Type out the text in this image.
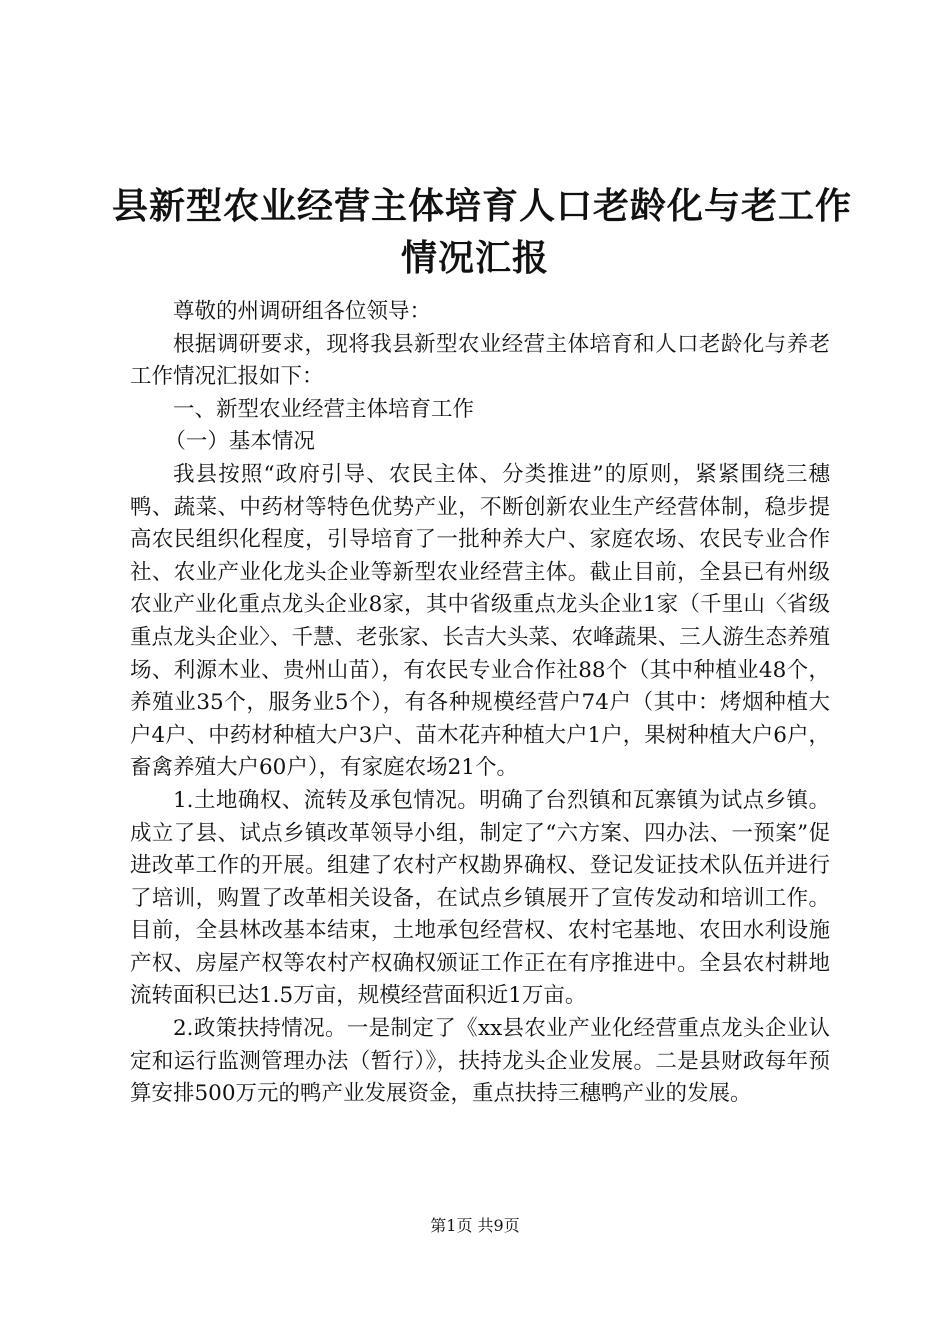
县新型农业经营主体培育人口老龄化与老工作
情况汇报

尊敬的州调研组各位领导：

根据调研要求，现将我县新型农业经营主体培育和人口老龄化与养老工作情况汇报如下：

一、新型农业经营主体培育工作

（一）基本情况

我县按照“政府引导、农民主体、分类推进”的原则，紧紧围绕三穗鸭、蔬菜、中药材等特色优势产业，不断创新农业生产经营体制，稳步提高农民组织化程度，引导培育了一批种养大户、家庭农场、农民专业合作社、农业产业化龙头企业等新型农业经营主体。截止目前，全县已有州级农业产业化重点龙头企业8家，其中省级重点龙头企业1家（千里山〈省级重点龙头企业〉、千慧、老张家、长吉大头菜、农峰蔬果、三人游生态养殖场、利源木业、贵州山苗），有农民专业合作社88个（其中种植业48个，养殖业35个，服务业5个），有各种规模经营户74户（其中：烤烟种植大户4户、中药材种植大户3户、苗木花卉种植大户1户，果树种植大户6户，畜禽养殖大户60户），有家庭农场21个。

1.土地确权、流转及承包情况。明确了台烈镇和瓦寨镇为试点乡镇。成立了县、试点乡镇改革领导小组，制定了“六方案、四办法、一预案”促进改革工作的开展。组建了农村产权勘界确权、登记发证技术队伍并进行了培训，购置了改革相关设备，在试点乡镇展开了宣传发动和培训工作。目前，全县林改基本结束，土地承包经营权、农村宅基地、农田水利设施产权、房屋产权等农村产权确权颁证工作正在有序推进中。全县农村耕地流转面积已达1.5万亩，规模经营面积近1万亩。

2.政策扶持情况。一是制定了《xx县农业产业化经营重点龙头企业认定和运行监测管理办法（暂行）》，扶持龙头企业发展。二是县财政每年预算安排500万元的鸭产业发展资金，重点扶持三穗鸭产业的发展。

第1页 共9页
